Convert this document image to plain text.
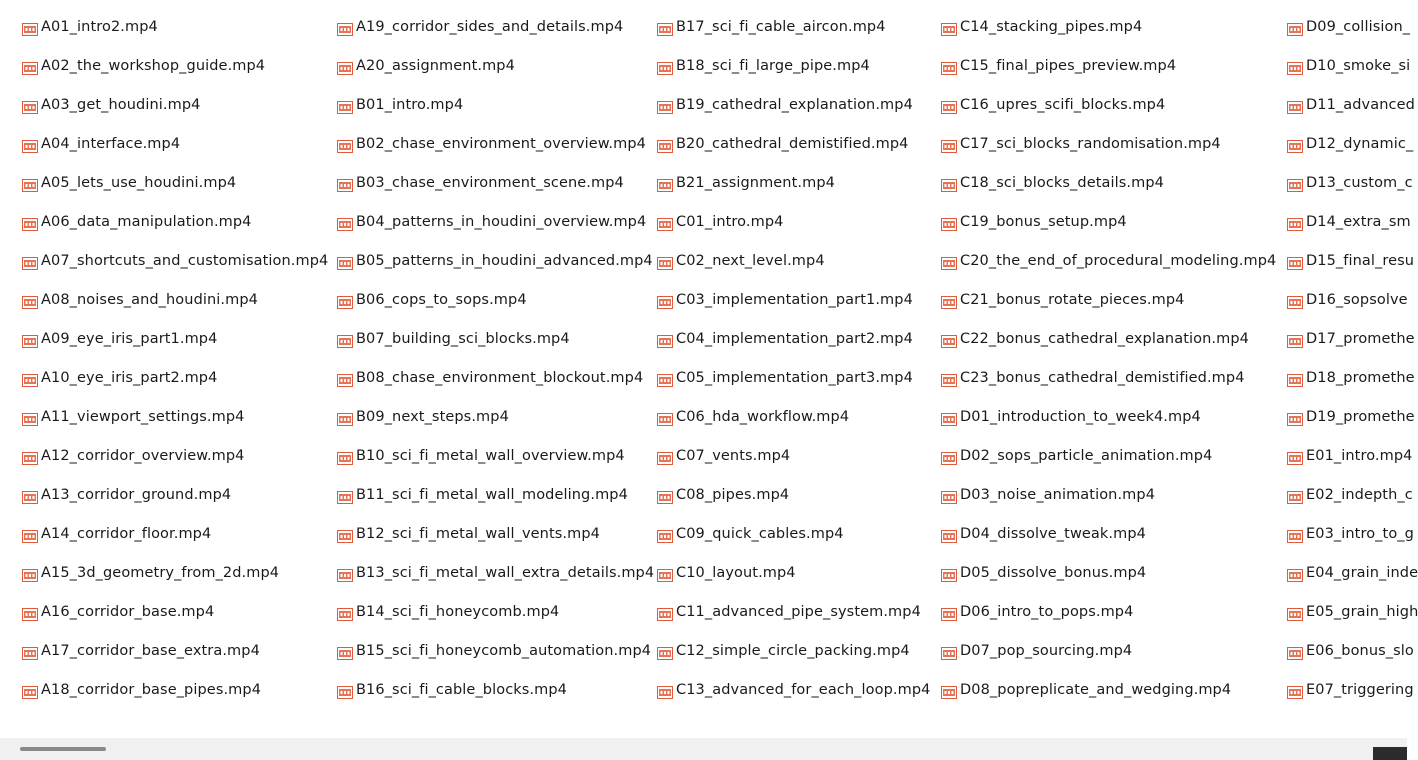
A01_intro2.mp4
A02_the_workshop_guide.mp4
A03_get_houdini.mp4
A04_interface.mp4
A05_lets_use_houdini.mp4
A06_data_manipulation.mp4
A07_shortcuts_and_customisation.mp4
A08_noises_and_houdini.mp4
A09_eye_iris_part1.mp4
A10_eye_iris_part2.mp4
A11_viewport_settings.mp4
A12_corridor_overview.mp4
A13_corridor_ground.mp4
A14_corridor_floor.mp4
A15_3d_geometry_from_2d.mp4
A16_corridor_base.mp4
A17_corridor_base_extra.mp4
A18_corridor_base_pipes.mp4
A19_corridor_sides_and_details.mp4
A20_assignment.mp4
B01_intro.mp4
B02_chase_environment_overview.mp4
B03_chase_environment_scene.mp4
B04_patterns_in_houdini_overview.mp4
B05_patterns_in_houdini_advanced.mp4
B06_cops_to_sops.mp4
B07_building_sci_blocks.mp4
B08_chase_environment_blockout.mp4
B09_next_steps.mp4
B10_sci_fi_metal_wall_overview.mp4
B11_sci_fi_metal_wall_modeling.mp4
B12_sci_fi_metal_wall_vents.mp4
B13_sci_fi_metal_wall_extra_details.mp4
B14_sci_fi_honeycomb.mp4
B15_sci_fi_honeycomb_automation.mp4
B16_sci_fi_cable_blocks.mp4
B17_sci_fi_cable_aircon.mp4
B18_sci_fi_large_pipe.mp4
B19_cathedral_explanation.mp4
B20_cathedral_demistified.mp4
B21_assignment.mp4
C01_intro.mp4
C02_next_level.mp4
C03_implementation_part1.mp4
C04_implementation_part2.mp4
C05_implementation_part3.mp4
C06_hda_workflow.mp4
C07_vents.mp4
C08_pipes.mp4
C09_quick_cables.mp4
C10_layout.mp4
C11_advanced_pipe_system.mp4
C12_simple_circle_packing.mp4
C13_advanced_for_each_loop.mp4
C14_stacking_pipes.mp4
C15_final_pipes_preview.mp4
C16_upres_scifi_blocks.mp4
C17_sci_blocks_randomisation.mp4
C18_sci_blocks_details.mp4
C19_bonus_setup.mp4
C20_the_end_of_procedural_modeling.mp4
C21_bonus_rotate_pieces.mp4
C22_bonus_cathedral_explanation.mp4
C23_bonus_cathedral_demistified.mp4
D01_introduction_to_week4.mp4
D02_sops_particle_animation.mp4
D03_noise_animation.mp4
D04_dissolve_tweak.mp4
D05_dissolve_bonus.mp4
D06_intro_to_pops.mp4
D07_pop_sourcing.mp4
D08_popreplicate_and_wedging.mp4
D09_collision_
D10_smoke_si
D11_advanced
D12_dynamic_
D13_custom_c
D14_extra_sm
D15_final_resu
D16_sopsolve
D17_promethe
D18_promethe
D19_promethe
E01_intro.mp4
E02_indepth_c
E03_intro_to_g
E04_grain_inde
E05_grain_high
E06_bonus_slo
E07_triggering
